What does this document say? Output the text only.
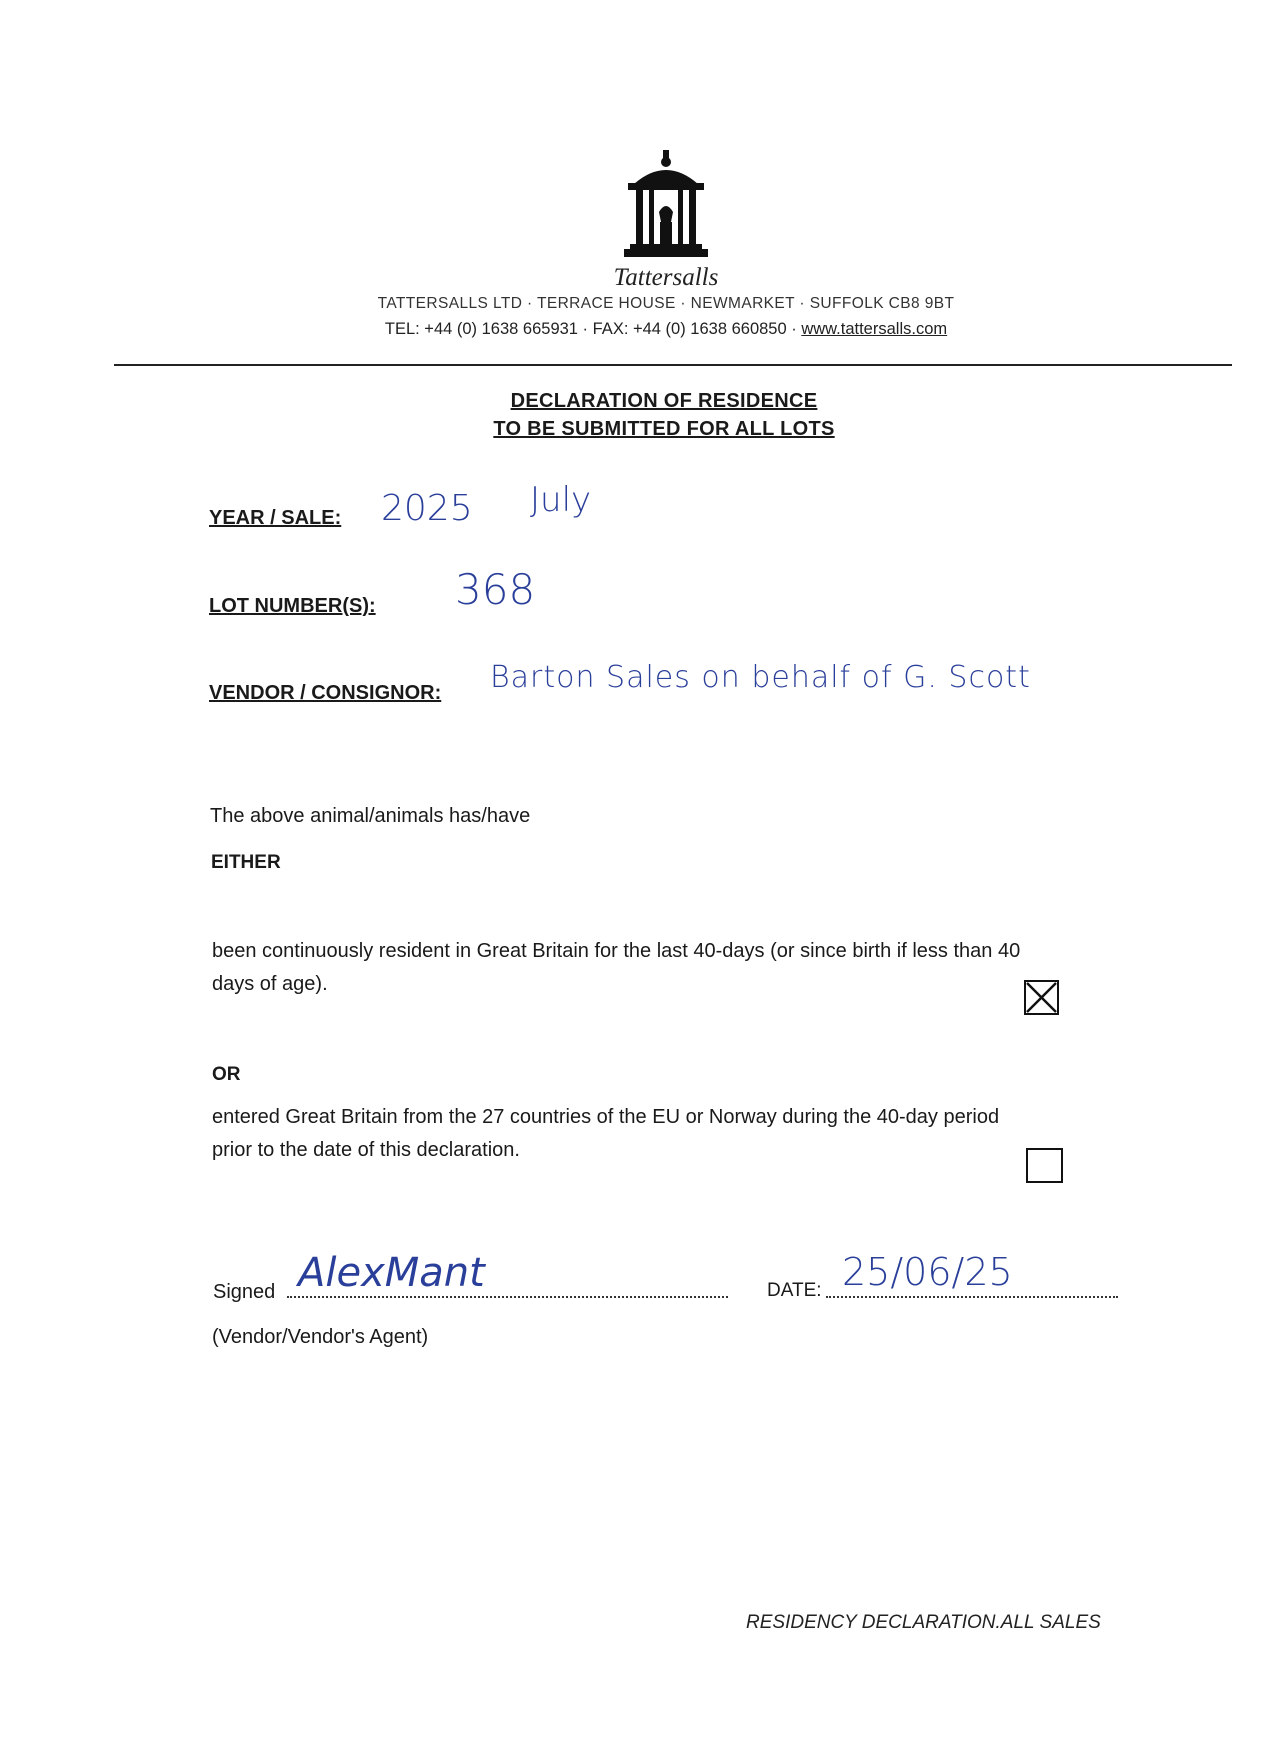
Tattersalls
TATTERSALLS LTD · TERRACE HOUSE · NEWMARKET · SUFFOLK CB8 9BT
TEL: +44 (0) 1638 665931 · FAX: +44 (0) 1638 660850 · www.tattersalls.com
DECLARATION OF RESIDENCE
TO BE SUBMITTED FOR ALL LOTS
YEAR / SALE: 2025 July
LOT NUMBER(S): 368
VENDOR / CONSIGNOR: Barton Sales on behalf of G. Scott
The above animal/animals has/have
EITHER
been continuously resident in Great Britain for the last 40-days (or since birth if less than 40
days of age).
OR
entered Great Britain from the 27 countries of the EU or Norway during the 40-day period
prior to the date of this declaration.
Signed AlexMant	DATE: 25/06/25
(Vendor/Vendor's Agent)
RESIDENCY DECLARATION.ALL SALES
